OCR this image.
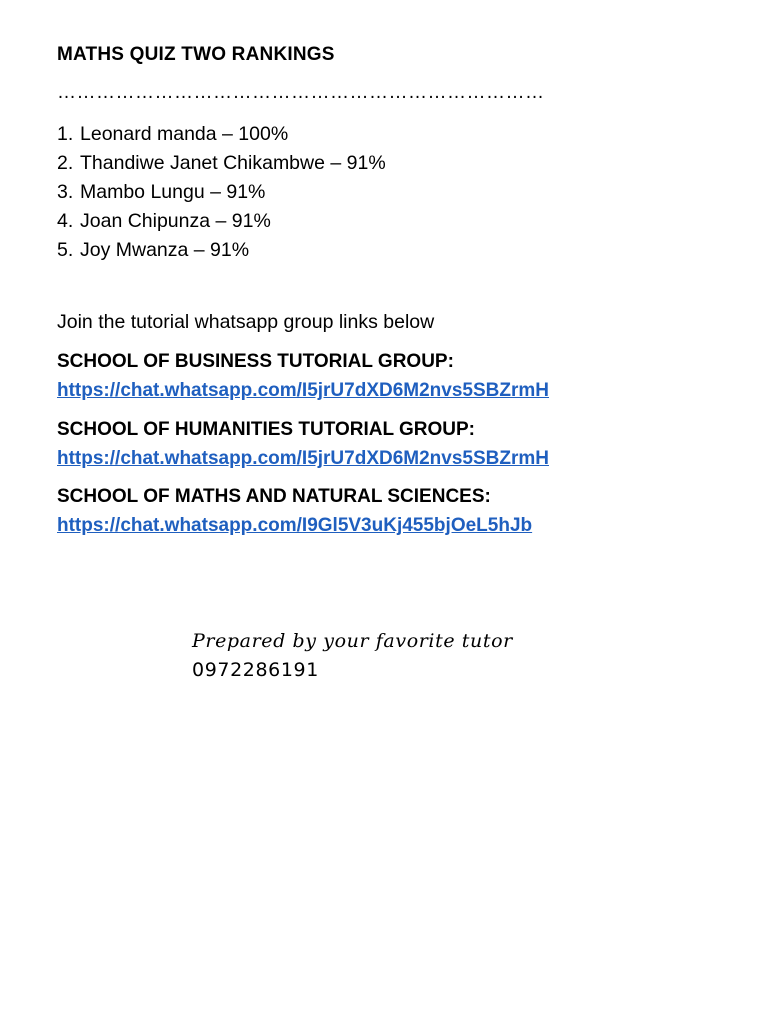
MATHS QUIZ TWO RANKINGS
…………………………………………………………………
1. Leonard manda – 100%
2. Thandiwe Janet Chikambwe – 91%
3. Mambo Lungu – 91%
4. Joan Chipunza – 91%
5. Joy Mwanza – 91%
Join the tutorial whatsapp group links below
SCHOOL OF BUSINESS TUTORIAL GROUP:
https://chat.whatsapp.com/I5jrU7dXD6M2nvs5SBZrmH
SCHOOL OF HUMANITIES TUTORIAL GROUP:
https://chat.whatsapp.com/I5jrU7dXD6M2nvs5SBZrmH
SCHOOL OF MATHS AND NATURAL SCIENCES:
https://chat.whatsapp.com/I9Gl5V3uKj455bjOeL5hJb
Prepared by your favorite tutor
0972286191
